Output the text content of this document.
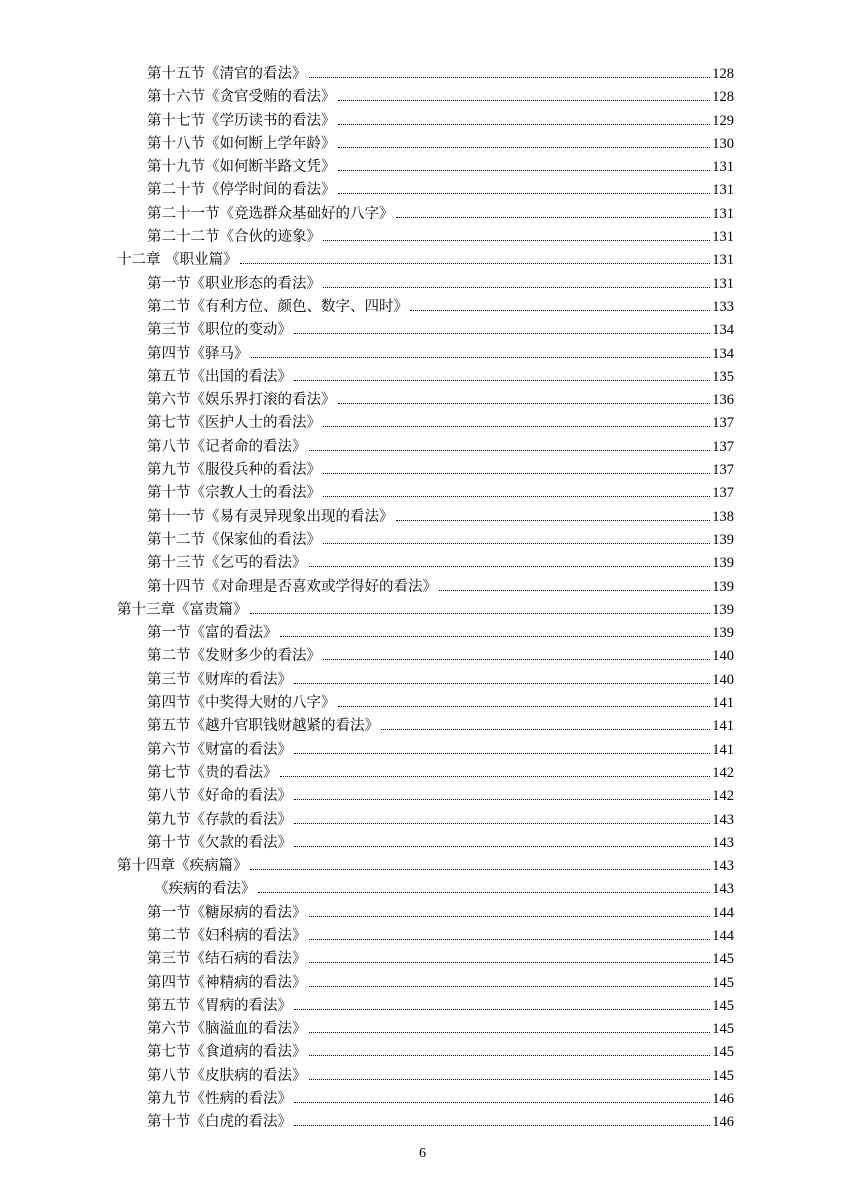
第十五节《清官的看法》	128
第十六节《贪官受贿的看法》	128
第十七节《学历读书的看法》	129
第十八节《如何断上学年龄》	130
第十九节《如何断半路文凭》	131
第二十节《停学时间的看法》	131
第二十一节《竞选群众基础好的八字》	131
第二十二节《合伙的迹象》	131
十二章 《职业篇》	131
第一节《职业形态的看法》	131
第二节《有利方位、颜色、数字、四时》	133
第三节《职位的变动》	134
第四节《驿马》	134
第五节《出国的看法》	135
第六节《娱乐界打滚的看法》	136
第七节《医护人士的看法》	137
第八节《记者命的看法》	137
第九节《服役兵种的看法》	137
第十节《宗教人士的看法》	137
第十一节《易有灵异现象出现的看法》	138
第十二节《保家仙的看法》	139
第十三节《乞丐的看法》	139
第十四节《对命理是否喜欢或学得好的看法》	139
第十三章《富贵篇》	139
第一节《富的看法》	139
第二节《发财多少的看法》	140
第三节《财库的看法》	140
第四节《中奖得大财的八字》	141
第五节《越升官职钱财越紧的看法》	141
第六节《财富的看法》	141
第七节《贵的看法》	142
第八节《好命的看法》	142
第九节《存款的看法》	143
第十节《欠款的看法》	143
第十四章《疾病篇》	143
《疾病的看法》	143
第一节《糖尿病的看法》	144
第二节《妇科病的看法》	144
第三节《结石病的看法》	145
第四节《神精病的看法》	145
第五节《胃病的看法》	145
第六节《脑溢血的看法》	145
第七节《食道病的看法》	145
第八节《皮肤病的看法》	145
第九节《性病的看法》	146
第十节《白虎的看法》	146
6
